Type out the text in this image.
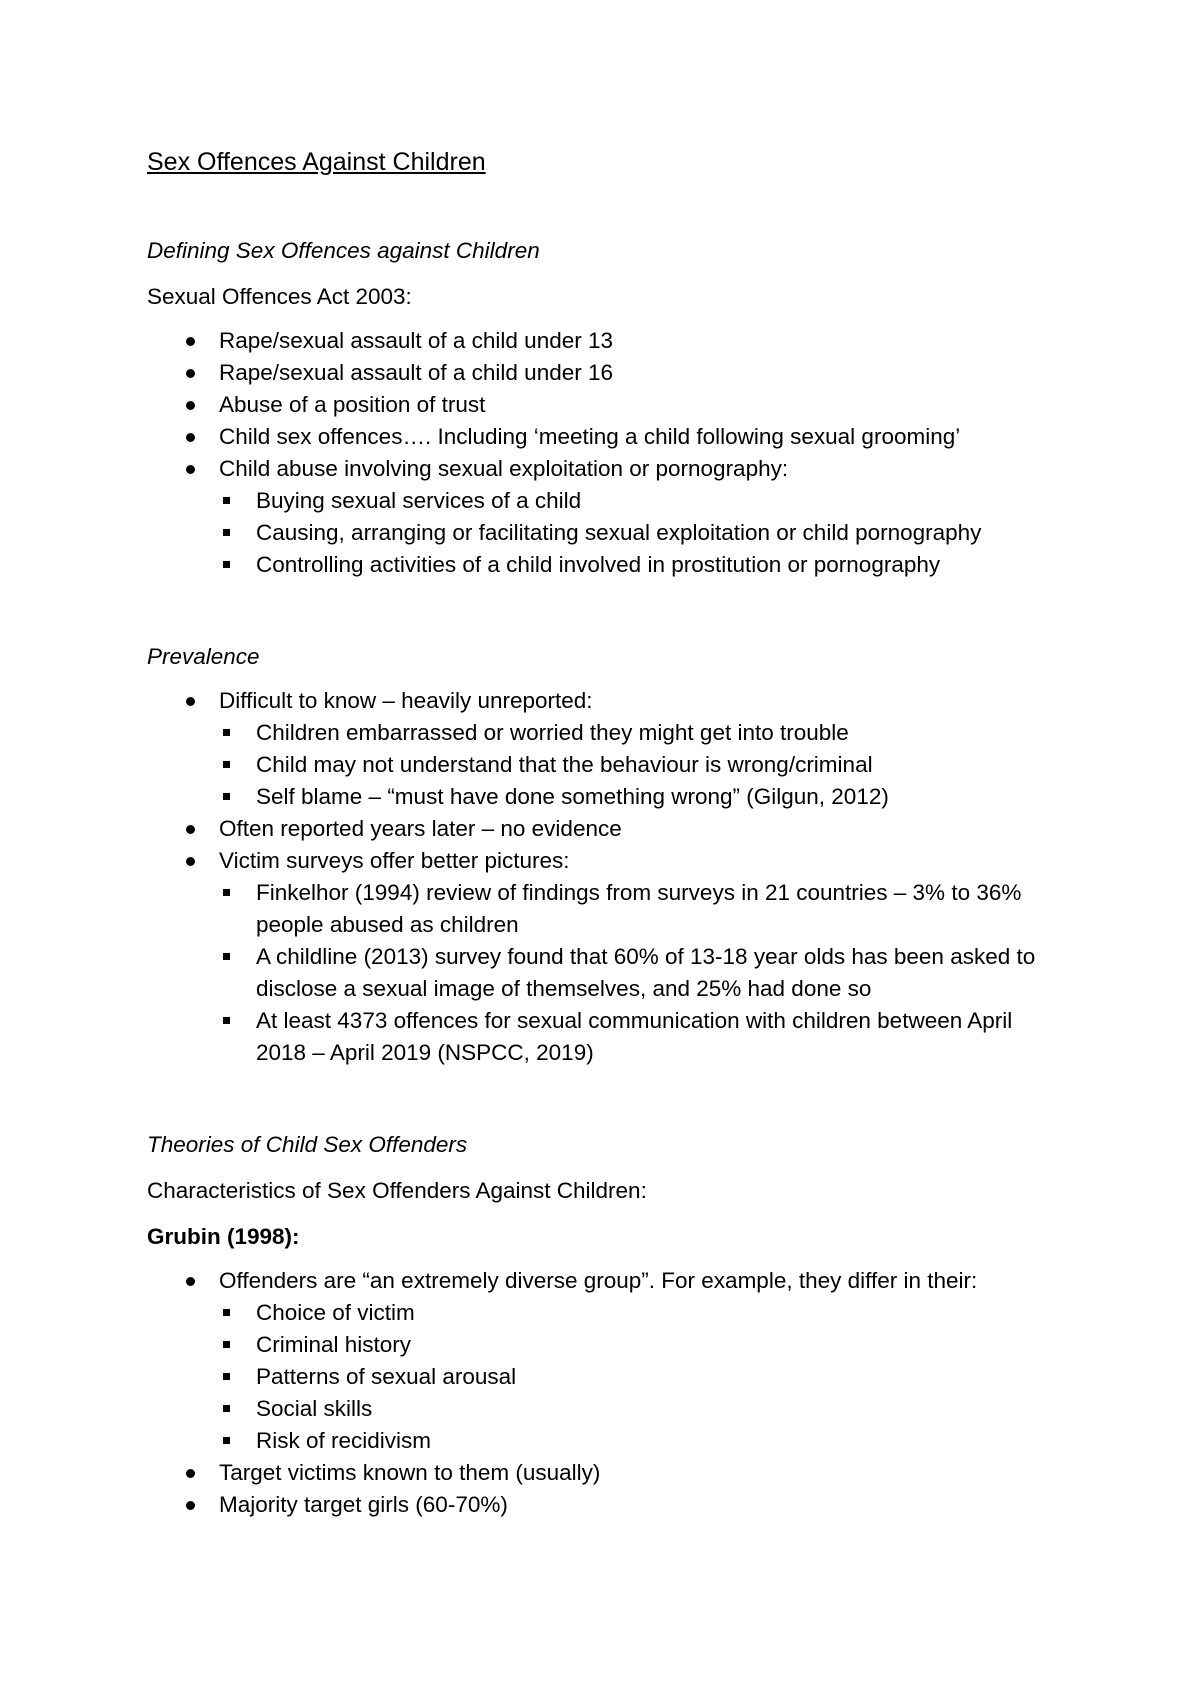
Sex Offences Against Children

Defining Sex Offences against Children

Sexual Offences Act 2003:

Rape/sexual assault of a child under 13
Rape/sexual assault of a child under 16
Abuse of a position of trust
Child sex offences…. Including ‘meeting a child following sexual grooming’
Child abuse involving sexual exploitation or pornography:
Buying sexual services of a child
Causing, arranging or facilitating sexual exploitation or child pornography
Controlling activities of a child involved in prostitution or pornography

Prevalence

Difficult to know – heavily unreported:
Children embarrassed or worried they might get into trouble
Child may not understand that the behaviour is wrong/criminal
Self blame – “must have done something wrong” (Gilgun, 2012)
Often reported years later – no evidence
Victim surveys offer better pictures:
Finkelhor (1994) review of findings from surveys in 21 countries – 3% to 36% people abused as children
A childline (2013) survey found that 60% of 13-18 year olds has been asked to disclose a sexual image of themselves, and 25% had done so
At least 4373 offences for sexual communication with children between April 2018 – April 2019 (NSPCC, 2019)

Theories of Child Sex Offenders

Characteristics of Sex Offenders Against Children:

Grubin (1998):

Offenders are “an extremely diverse group”. For example, they differ in their:
Choice of victim
Criminal history
Patterns of sexual arousal
Social skills
Risk of recidivism
Target victims known to them (usually)
Majority target girls (60-70%)
